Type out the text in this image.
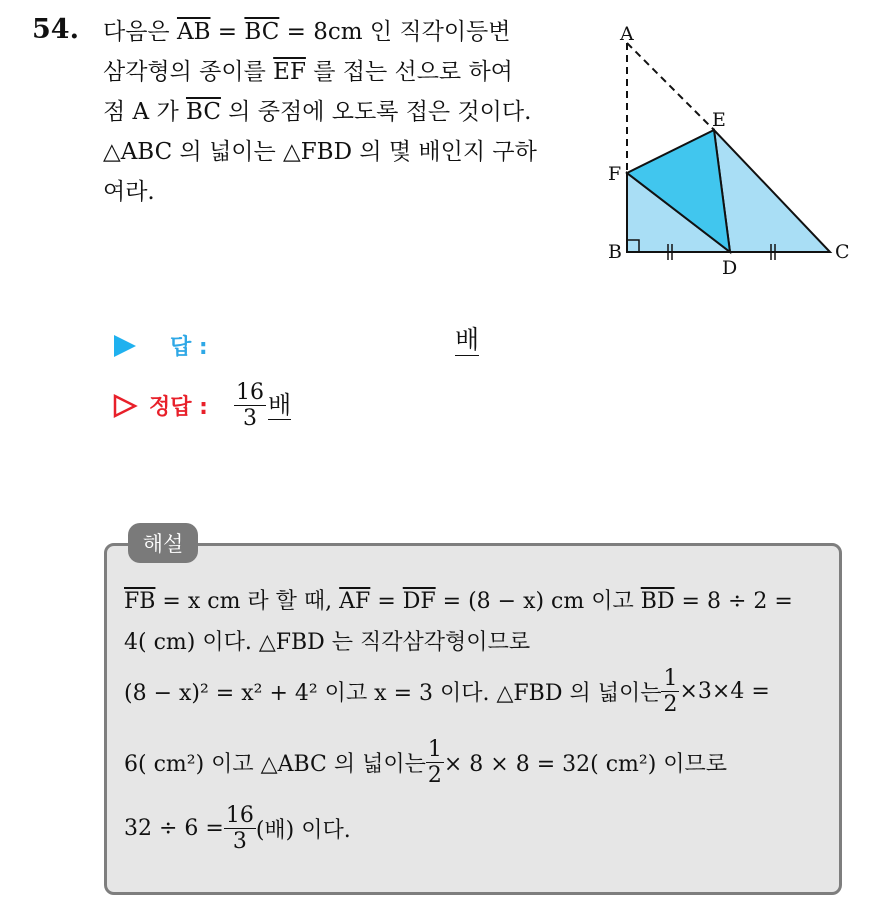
54. 다음은 $\overline{AB} = \overline{BC} = 8cm$ 인 직각이등변
삼각형의 종이를 $\overline{EF}$ 를 접는 선으로 하여
점 A 가 $\overline{BC}$ 의 중점에 오도록 접은 것이다.
△ABC 의 넓이는 △FBD 의 몇 배인지 구하
여라.
A
E
F
B
D
C
답 :	배
정답 : $\frac{16}{3}$ 배
해설
$\overline{FB} = x$ cm 라 할 때, $\overline{AF} = \overline{DF} = (8 - x)$ cm 이고 $\overline{BD} = 8 \div 2$ =
4( cm) 이다. △FBD 는 직각삼각형이므로
(8 − x)² = x² + 4² 이고 x = 3 이다. △FBD 의 넓이는 $\frac{1}{2} \times 3\times 4$ =
6( cm²) 이고 △ABC 의 넓이는 $\frac{1}{2} \times 8 \times 8 = 32$( cm²) 이므로
$32 \div 6 = \frac{16}{3}$ (배) 이다.
